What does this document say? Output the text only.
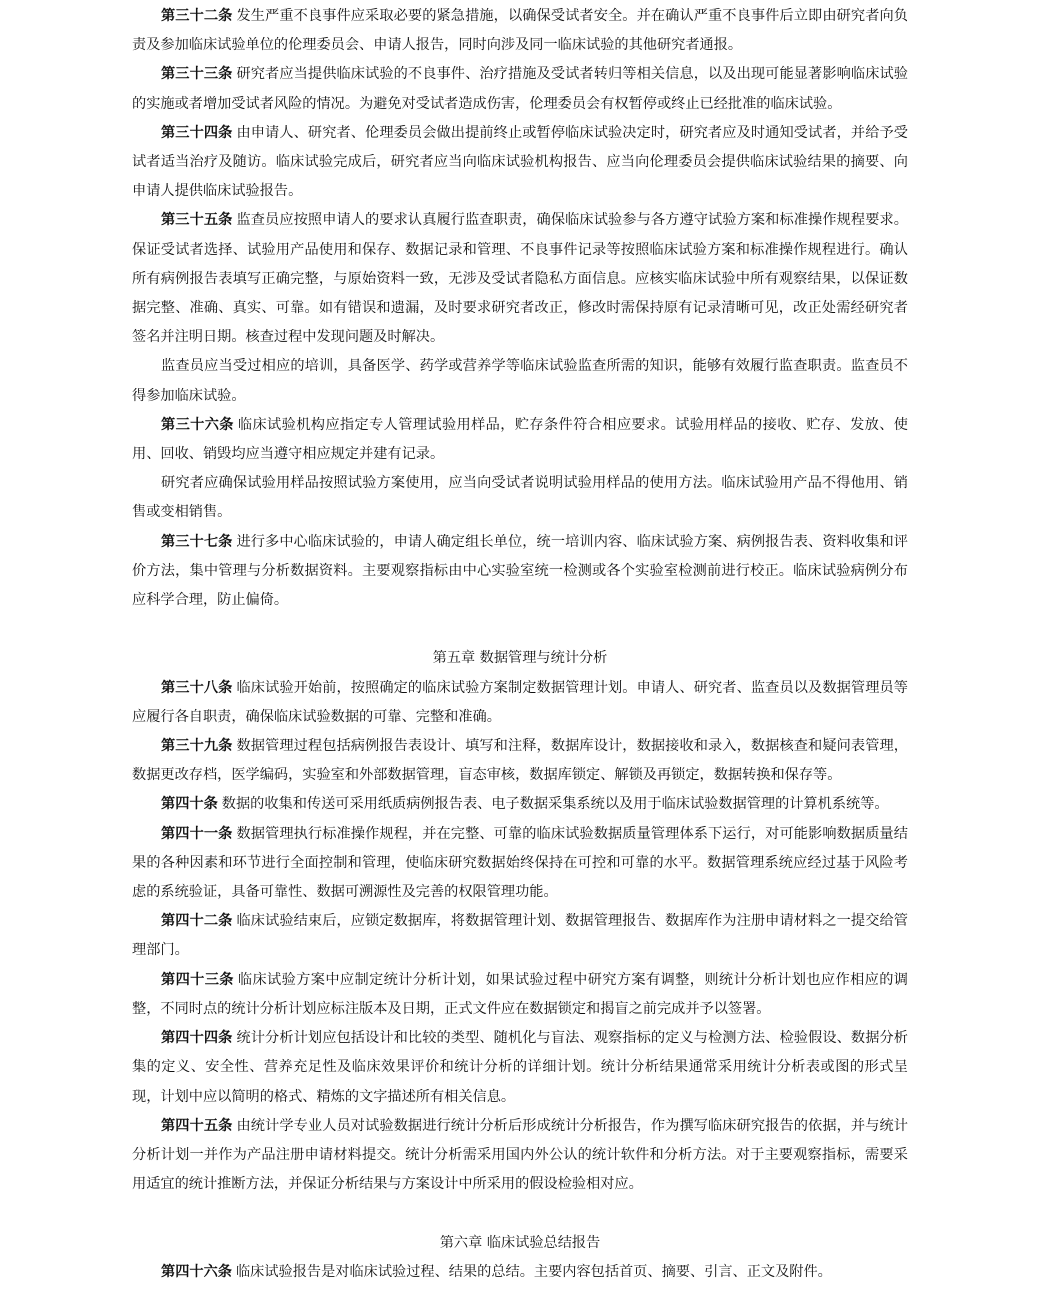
第三十二条 发生严重不良事件应采取必要的紧急措施，以确保受试者安全。并在确认严重不良事件后立即由研究者向负责及参加临床试验单位的伦理委员会、申请人报告，同时向涉及同一临床试验的其他研究者通报。

第三十三条 研究者应当提供临床试验的不良事件、治疗措施及受试者转归等相关信息，以及出现可能显著影响临床试验的实施或者增加受试者风险的情况。为避免对受试者造成伤害，伦理委员会有权暂停或终止已经批准的临床试验。

第三十四条 由申请人、研究者、伦理委员会做出提前终止或暂停临床试验决定时，研究者应及时通知受试者，并给予受试者适当治疗及随访。临床试验完成后，研究者应当向临床试验机构报告、应当向伦理委员会提供临床试验结果的摘要、向申请人提供临床试验报告。

第三十五条 监查员应按照申请人的要求认真履行监查职责，确保临床试验参与各方遵守试验方案和标准操作规程要求。保证受试者选择、试验用产品使用和保存、数据记录和管理、不良事件记录等按照临床试验方案和标准操作规程进行。确认所有病例报告表填写正确完整，与原始资料一致，无涉及受试者隐私方面信息。应核实临床试验中所有观察结果，以保证数据完整、准确、真实、可靠。如有错误和遗漏，及时要求研究者改正，修改时需保持原有记录清晰可见，改正处需经研究者签名并注明日期。核查过程中发现问题及时解决。

监查员应当受过相应的培训，具备医学、药学或营养学等临床试验监查所需的知识，能够有效履行监查职责。监查员不得参加临床试验。

第三十六条 临床试验机构应指定专人管理试验用样品，贮存条件符合相应要求。试验用样品的接收、贮存、发放、使用、回收、销毁均应当遵守相应规定并建有记录。

研究者应确保试验用样品按照试验方案使用，应当向受试者说明试验用样品的使用方法。临床试验用产品不得他用、销售或变相销售。

第三十七条 进行多中心临床试验的，申请人确定组长单位，统一培训内容、临床试验方案、病例报告表、资料收集和评价方法，集中管理与分析数据资料。主要观察指标由中心实验室统一检测或各个实验室检测前进行校正。临床试验病例分布应科学合理，防止偏倚。

第五章 数据管理与统计分析

第三十八条 临床试验开始前，按照确定的临床试验方案制定数据管理计划。申请人、研究者、监查员以及数据管理员等应履行各自职责，确保临床试验数据的可靠、完整和准确。

第三十九条 数据管理过程包括病例报告表设计、填写和注释，数据库设计，数据接收和录入，数据核查和疑问表管理，数据更改存档，医学编码，实验室和外部数据管理，盲态审核，数据库锁定、解锁及再锁定，数据转换和保存等。

第四十条 数据的收集和传送可采用纸质病例报告表、电子数据采集系统以及用于临床试验数据管理的计算机系统等。

第四十一条 数据管理执行标准操作规程，并在完整、可靠的临床试验数据质量管理体系下运行，对可能影响数据质量结果的各种因素和环节进行全面控制和管理，使临床研究数据始终保持在可控和可靠的水平。数据管理系统应经过基于风险考虑的系统验证，具备可靠性、数据可溯源性及完善的权限管理功能。

第四十二条 临床试验结束后，应锁定数据库，将数据管理计划、数据管理报告、数据库作为注册申请材料之一提交给管理部门。

第四十三条 临床试验方案中应制定统计分析计划，如果试验过程中研究方案有调整，则统计分析计划也应作相应的调整，不同时点的统计分析计划应标注版本及日期，正式文件应在数据锁定和揭盲之前完成并予以签署。

第四十四条 统计分析计划应包括设计和比较的类型、随机化与盲法、观察指标的定义与检测方法、检验假设、数据分析集的定义、安全性、营养充足性及临床效果评价和统计分析的详细计划。统计分析结果通常采用统计分析表或图的形式呈现，计划中应以简明的格式、精炼的文字描述所有相关信息。

第四十五条 由统计学专业人员对试验数据进行统计分析后形成统计分析报告，作为撰写临床研究报告的依据，并与统计分析计划一并作为产品注册申请材料提交。统计分析需采用国内外公认的统计软件和分析方法。对于主要观察指标，需要采用适宜的统计推断方法，并保证分析结果与方案设计中所采用的假设检验相对应。

第六章 临床试验总结报告

第四十六条 临床试验报告是对临床试验过程、结果的总结。主要内容包括首页、摘要、引言、正文及附件。
